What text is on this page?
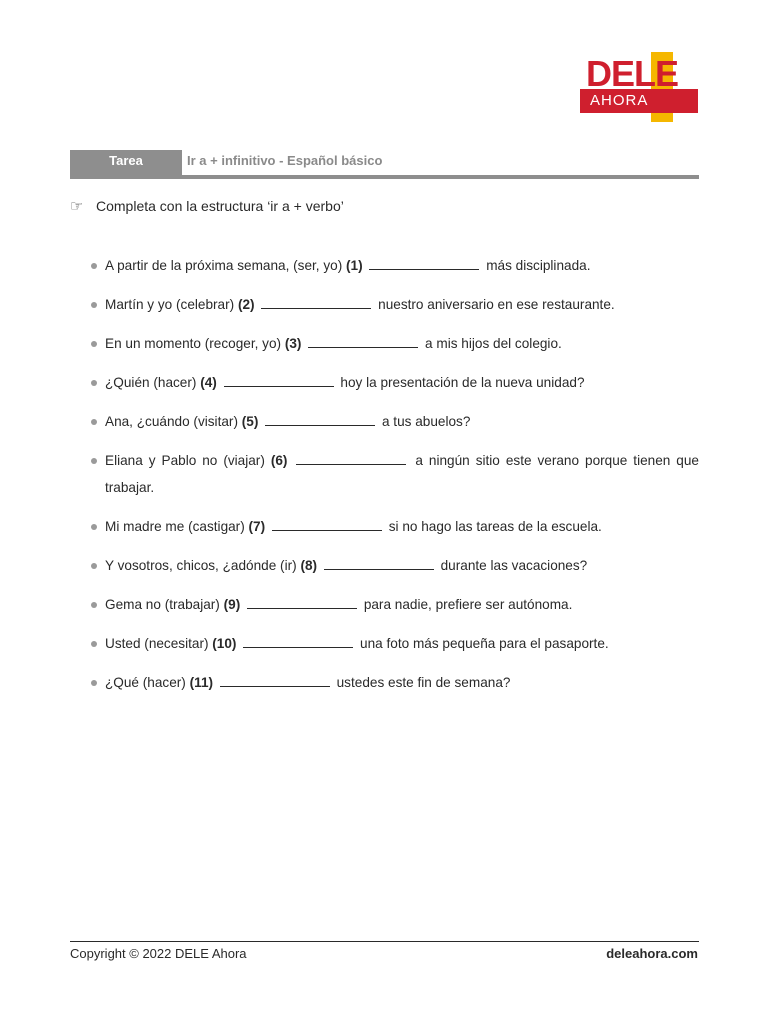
DELE
AHORA
Tarea	Ir a + infinitivo - Español básico
☞ Completa con la estructura ‘ir a + verbo’
A partir de la próxima semana, (ser, yo) (1)	más disciplinada.
Martín y yo (celebrar) (2)	nuestro aniversario en ese restaurante.
En un momento (recoger, yo) (3)	a mis hijos del colegio.
¿Quién (hacer) (4)	hoy la presentación de la nueva unidad?
Ana, ¿cuándo (visitar) (5)	a tus abuelos?
Eliana y Pablo no (viajar) (6)	a ningún sitio este verano porque tienen que trabajar.
Mi madre me (castigar) (7)	si no hago las tareas de la escuela.
Y vosotros, chicos, ¿adónde (ir) (8)	durante las vacaciones?
Gema no (trabajar) (9)	para nadie, prefiere ser autónoma.
Usted (necesitar) (10)	una foto más pequeña para el pasaporte.
¿Qué (hacer) (11)	ustedes este fin de semana?
Copyright © 2022 DELE Ahora	deleahora.com
